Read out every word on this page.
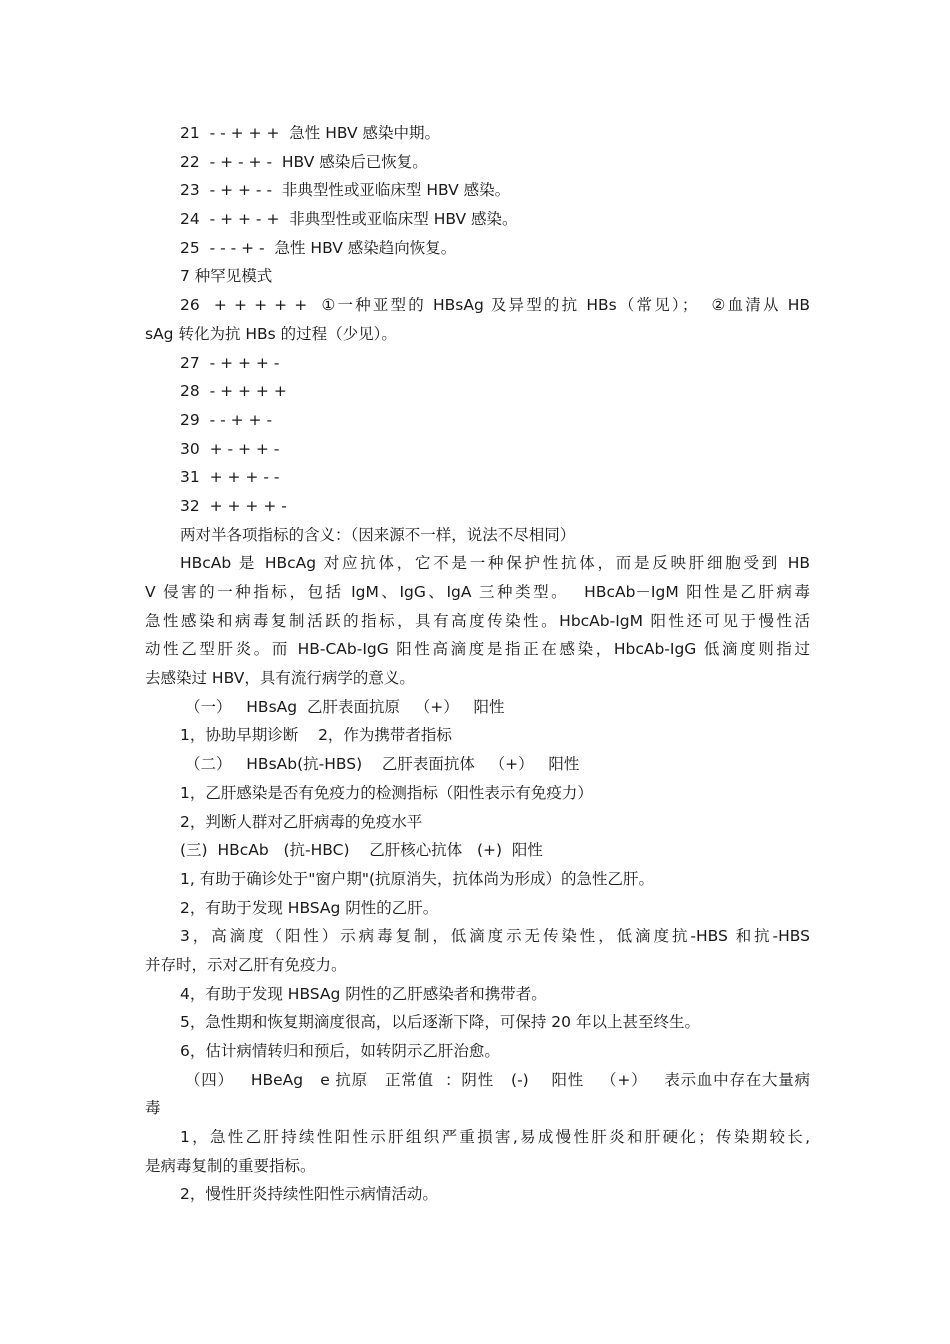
21  - - + + +  急性 HBV 感染中期。
22  - + - + -  HBV 感染后已恢复。
23  - + + - -  非典型性或亚临床型 HBV 感染。
24  - + + - +  非典型性或亚临床型 HBV 感染。
25  - - - + -  急性 HBV 感染趋向恢复。
7 种罕见模式
26  + + + + +  ①一种亚型的 HBsAg 及异型的抗 HBs（常见）；  ②血清从 HB
sAg 转化为抗 HBs 的过程（少见）。
27  - + + + -
28  - + + + +
29  - - + + -
30  + - + + -
31  + + + - -
32  + + + + -
两对半各项指标的含义：（因来源不一样，说法不尽相同）
HBcAb 是 HBcAg 对应抗体，它不是一种保护性抗体，而是反映肝细胞受到 HB
V 侵害的一种指标，包括 IgM、IgG、IgA 三种类型。  HBcAb－IgM 阳性是乙肝病毒
急性感染和病毒复制活跃的指标，具有高度传染性。HbcAb-IgM 阳性还可见于慢性活
动性乙型肝炎。而 HB-CAb-IgG 阳性高滴度是指正在感染，HbcAb-IgG 低滴度则指过
去感染过 HBV，具有流行病学的意义。
（一）   HBsAg  乙肝表面抗原   （+）   阳性
1，协助早期诊断    2，作为携带者指标
（二）   HBsAb(抗-HBS)    乙肝表面抗体   （+）   阳性
1，乙肝感染是否有免疫力的检测指标（阳性表示有免疫力）
2，判断人群对乙肝病毒的免疫水平
(三)  HBcAb   (抗-HBC)    乙肝核心抗体   (+)  阳性
1, 有助于确诊处于"窗户期"(抗原消失，抗体尚为形成）的急性乙肝。
2，有助于发现 HBSAg 阴性的乙肝。
3，高滴度（阳性）示病毒复制，低滴度示无传染性，低滴度抗-HBS 和抗-HBS
并存时，示对乙肝有免疫力。
4，有助于发现 HBSAg 阴性的乙肝感染者和携带者。
5，急性期和恢复期滴度很高，以后逐渐下降，可保持 20 年以上甚至终生。
6，估计病情转归和预后，如转阴示乙肝治愈。
（四）   HBeAg   e 抗原   正常值  ：阴性   (-)    阳性   （+）   表示血中存在大量病
毒
1，急性乙肝持续性阳性示肝组织严重损害,易成慢性肝炎和肝硬化；传染期较长,
是病毒复制的重要指标。
2，慢性肝炎持续性阳性示病情活动。
